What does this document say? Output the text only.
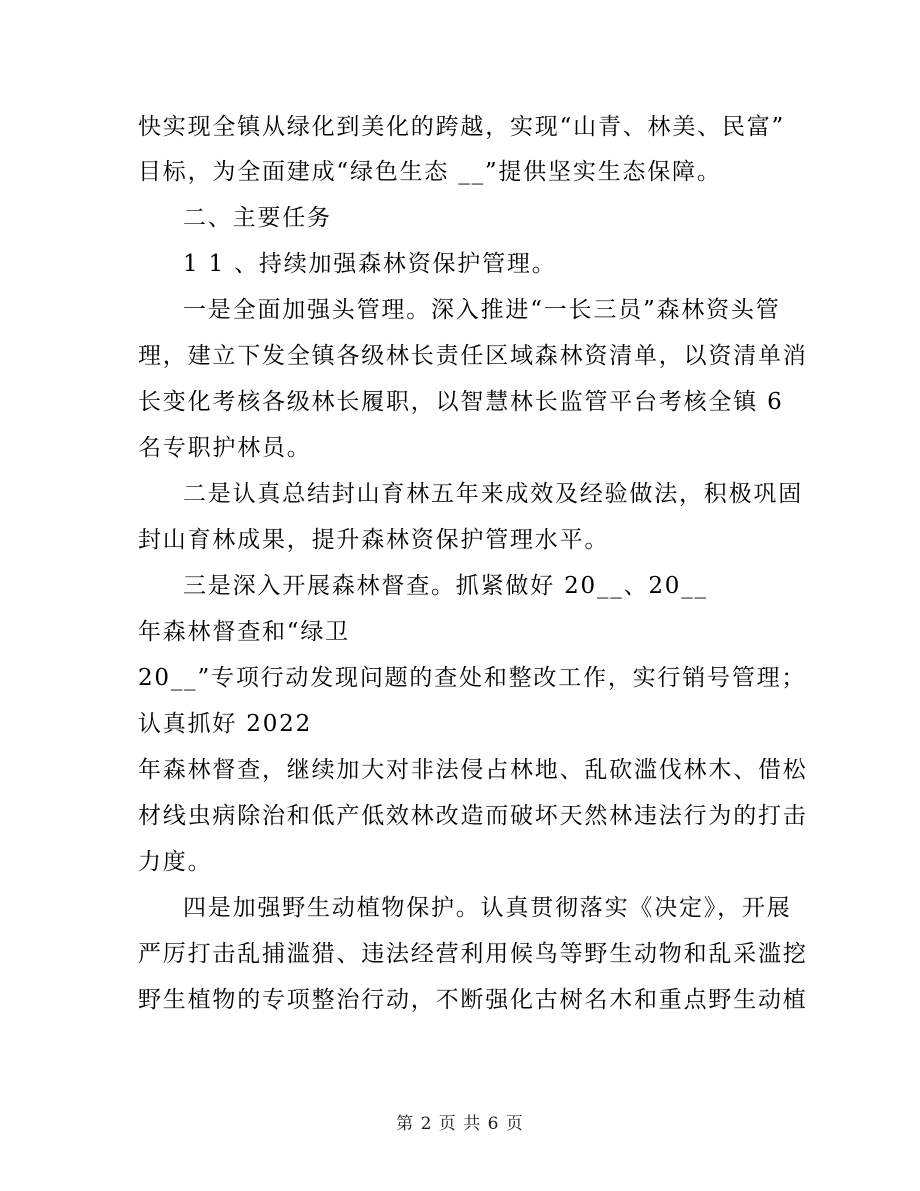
快实现全镇从绿化到美化的跨越，实现“山青、林美、民富”
目标，为全面建成“绿色生态 __”提供坚实生态保障。
二、主要任务
1 1 、持续加强森林资保护管理。
一是全面加强头管理。深入推进“一长三员”森林资头管
理，建立下发全镇各级林长责任区域森林资清单，以资清单消
长变化考核各级林长履职，以智慧林长监管平台考核全镇 6
名专职护林员。
二是认真总结封山育林五年来成效及经验做法，积极巩固
封山育林成果，提升森林资保护管理水平。
三是深入开展森林督查。抓紧做好 20__、20__
年森林督查和“绿卫
20__”专项行动发现问题的查处和整改工作，实行销号管理；
认真抓好 2022
年森林督查，继续加大对非法侵占林地、乱砍滥伐林木、借松
材线虫病除治和低产低效林改造而破坏天然林违法行为的打击
力度。
四是加强野生动植物保护。认真贯彻落实《决定》，开展
严厉打击乱捕滥猎、违法经营利用候鸟等野生动物和乱采滥挖
野生植物的专项整治行动，不断强化古树名木和重点野生动植
第 2 页 共 6 页
